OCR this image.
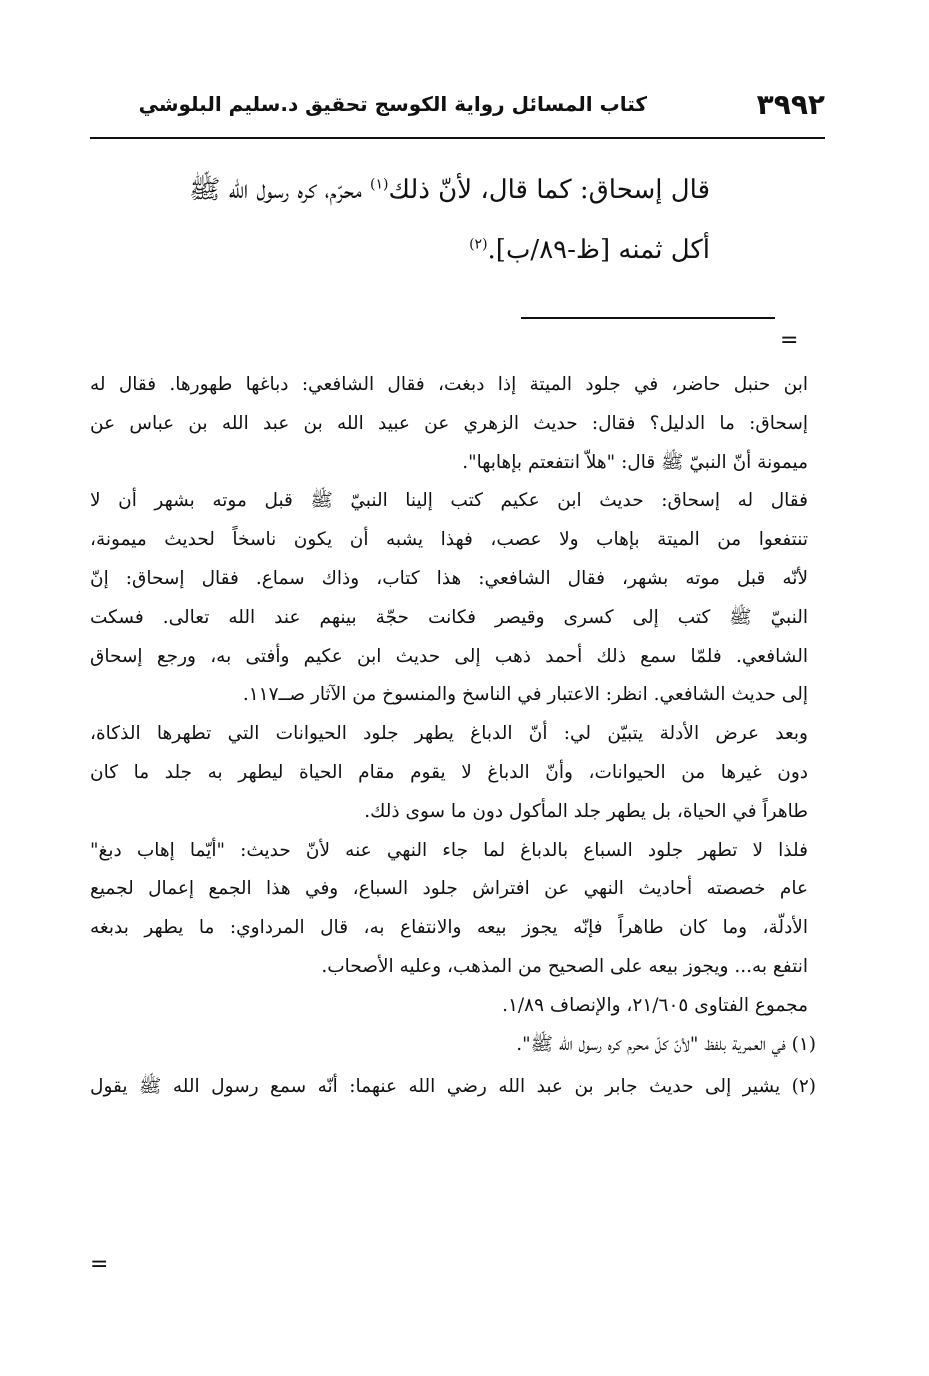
٣٩٩٢
كتاب المسائل رواية الكوسج تحقيق د.سليم البلوشي

قال إسحاق: كما قال، لأنّ ذلك$^{(١)}$ محرّم، كره رسول الله ﷺ

أكل ثمنه [ظ-٨٩/ب].$^{(٢)}$

=
ابن حنبل حاضر، في جلود الميتة إذا دبغت، فقال الشافعي: دباغها طهورها. فقال له
إسحاق: ما الدليل؟ فقال: حديث الزهري عن عبيد الله بن عبد الله بن عباس عن
ميمونة أنّ النبيّ ﷺ قال: "هلاّ انتفعتم بإهابها".
فقال له إسحاق: حديث ابن عكيم كتب إلينا النبيّ ﷺ قبل موته بشهر أن لا
تنتفعوا من الميتة بإهاب ولا عصب، فهذا يشبه أن يكون ناسخاً لحديث ميمونة،
لأنّه قبل موته بشهر، فقال الشافعي: هذا كتاب، وذاك سماع. فقال إسحاق: إنّ
النبيّ ﷺ كتب إلى كسرى وقيصر فكانت حجّة بينهم عند الله تعالى. فسكت
الشافعي. فلمّا سمع ذلك أحمد ذهب إلى حديث ابن عكيم وأفتى به، ورجع إسحاق
إلى حديث الشافعي. انظر: الاعتبار في الناسخ والمنسوخ من الآثار صــ١١٧.
وبعد عرض الأدلة يتبيّن لي: أنّ الدباغ يطهر جلود الحيوانات التي تطهرها الذكاة،
دون غيرها من الحيوانات، وأنّ الدباغ لا يقوم مقام الحياة ليطهر به جلد ما كان
طاهراً في الحياة، بل يطهر جلد المأكول دون ما سوى ذلك.
فلذا لا تطهر جلود السباع بالدباغ لما جاء النهي عنه لأنّ حديث: "أيّما إهاب دبغ"
عام خصصته أحاديث النهي عن افتراش جلود السباع، وفي هذا الجمع إعمال لجميع
الأدلّة، وما كان طاهراً فإنّه يجوز بيعه والانتفاع به، قال المرداوي: ما يطهر بدبغه
انتفع به... ويجوز بيعه على الصحيح من المذهب، وعليه الأصحاب.
مجموع الفتاوى ٢١/٦٠٥، والإنصاف ١/٨٩.
(١) في العمرية بلفظ "لأنّ كلّ محرم كره رسول الله ﷺ".
(٢) يشير إلى حديث جابر بن عبد الله رضي الله عنهما: أنّه سمع رسول الله ﷺ يقول
=
